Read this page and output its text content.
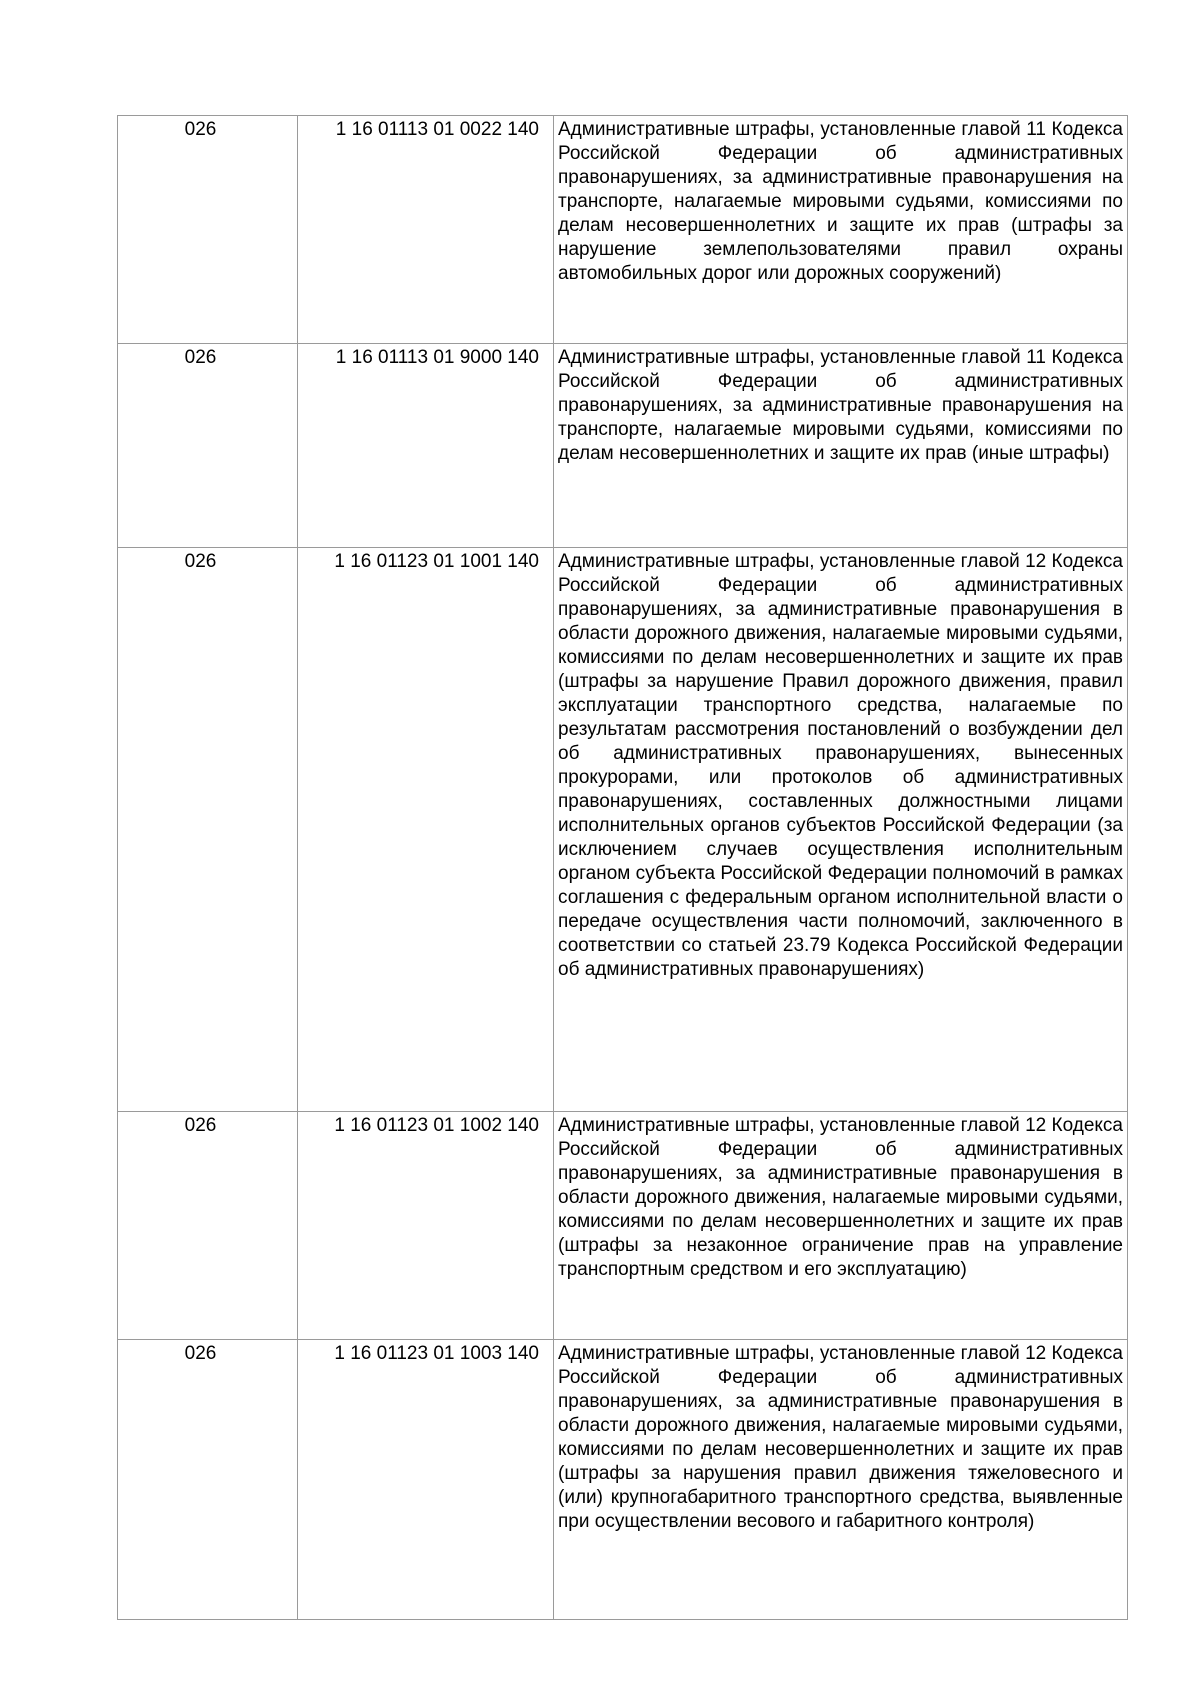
026	1 16 01113 01 0022 140	Административные штрафы, установленные главой 11 Кодекса Российской Федерации об административных правонарушениях, за административные правонарушения на транспорте, налагаемые мировыми судьями, комиссиями по делам несовершеннолетних и защите их прав (штрафы за нарушение землепользователями правил охраны автомобильных дорог или дорожных сооружений)
026	1 16 01113 01 9000 140	Административные штрафы, установленные главой 11 Кодекса Российской Федерации об административных правонарушениях, за административные правонарушения на транспорте, налагаемые мировыми судьями, комиссиями по делам несовершеннолетних и защите их прав (иные штрафы)
026	1 16 01123 01 1001 140	Административные штрафы, установленные главой 12 Кодекса Российской Федерации об административных правонарушениях, за административные правонарушения в области дорожного движения, налагаемые мировыми судьями, комиссиями по делам несовершеннолетних и защите их прав (штрафы за нарушение Правил дорожного движения, правил эксплуатации транспортного средства, налагаемые по результатам рассмотрения постановлений о возбуждении дел об административных правонарушениях, вынесенных прокурорами, или протоколов об административных правонарушениях, составленных должностными лицами исполнительных органов субъектов Российской Федерации (за исключением случаев осуществления исполнительным органом субъекта Российской Федерации полномочий в рамках соглашения с федеральным органом исполнительной власти о передаче осуществления части полномочий, заключенного в соответствии со статьей 23.79 Кодекса Российской Федерации об административных правонарушениях)
026	1 16 01123 01 1002 140	Административные штрафы, установленные главой 12 Кодекса Российской Федерации об административных правонарушениях, за административные правонарушения в области дорожного движения, налагаемые мировыми судьями, комиссиями по делам несовершеннолетних и защите их прав (штрафы за незаконное ограничение прав на управление транспортным средством и его эксплуатацию)
026	1 16 01123 01 1003 140	Административные штрафы, установленные главой 12 Кодекса Российской Федерации об административных правонарушениях, за административные правонарушения в области дорожного движения, налагаемые мировыми судьями, комиссиями по делам несовершеннолетних и защите их прав (штрафы за нарушения правил движения тяжеловесного и (или) крупногабаритного транспортного средства, выявленные при осуществлении весового и габаритного контроля)
